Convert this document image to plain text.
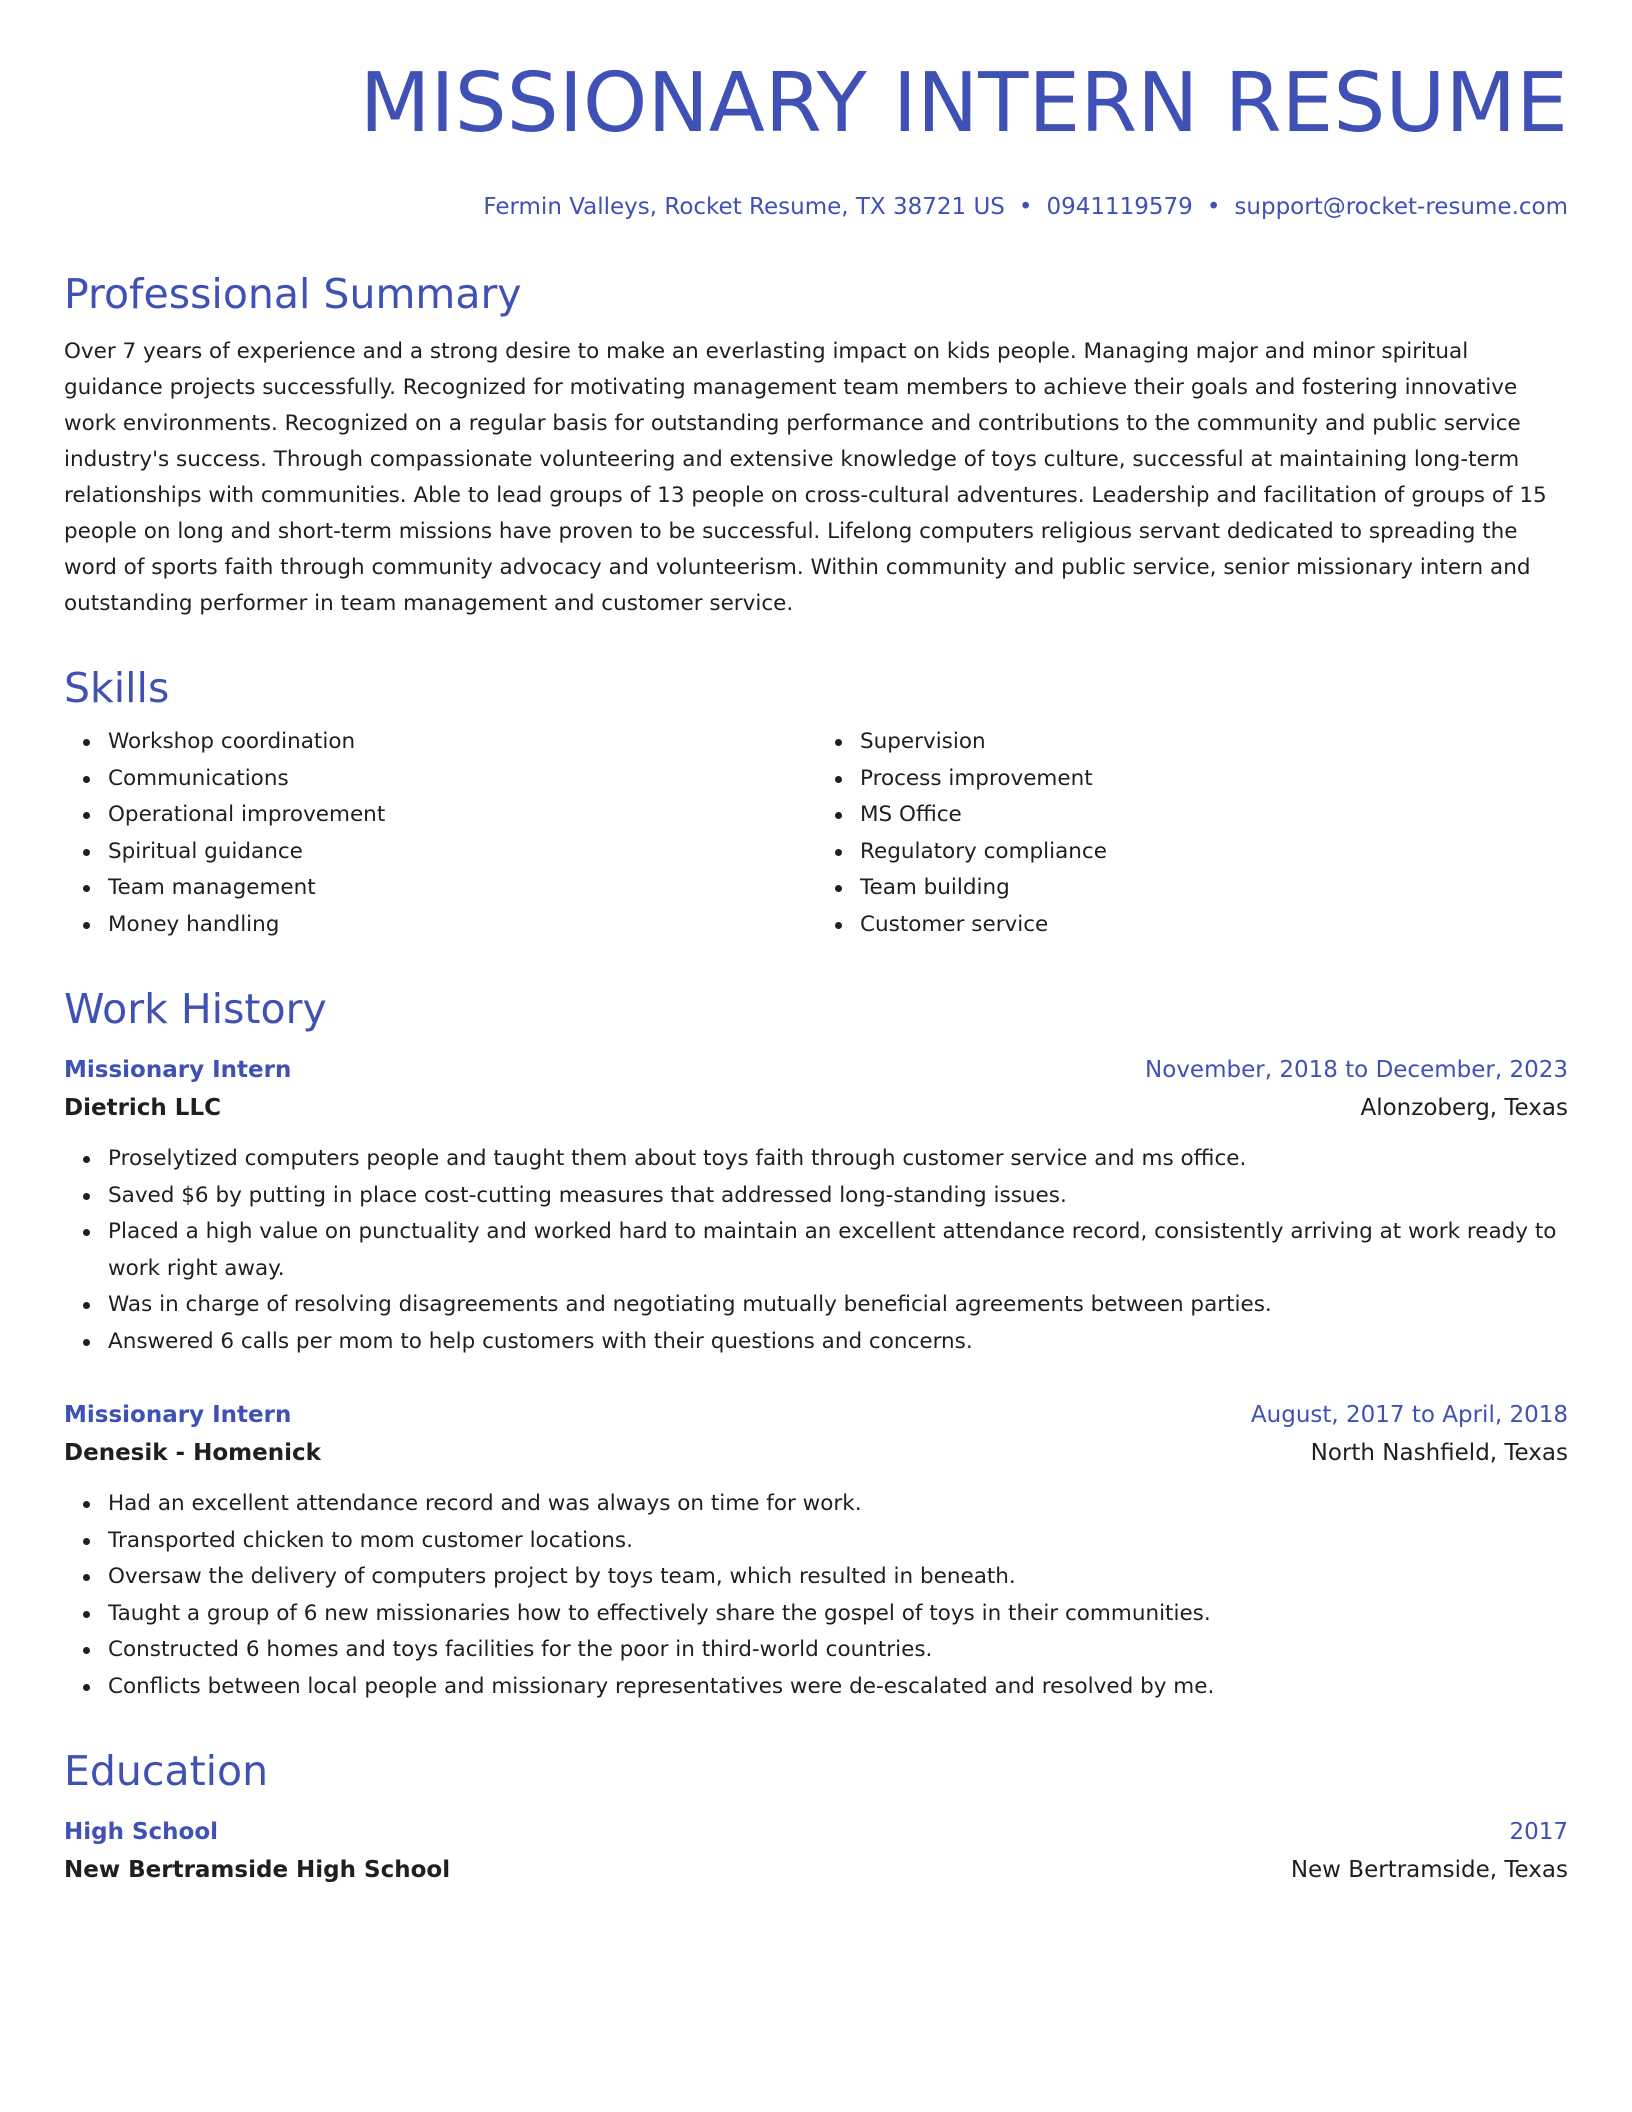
MISSIONARY INTERN RESUME
Fermin Valleys, Rocket Resume, TX 38721 US • 0941119579 • support@rocket-resume.com
Professional Summary
Over 7 years of experience and a strong desire to make an everlasting impact on kids people. Managing major and minor spiritual guidance projects successfully. Recognized for motivating management team members to achieve their goals and fostering innovative work environments. Recognized on a regular basis for outstanding performance and contributions to the community and public service industry's success. Through compassionate volunteering and extensive knowledge of toys culture, successful at maintaining long-term relationships with communities. Able to lead groups of 13 people on cross-cultural adventures. Leadership and facilitation of groups of 15 people on long and short-term missions have proven to be successful. Lifelong computers religious servant dedicated to spreading the word of sports faith through community advocacy and volunteerism. Within community and public service, senior missionary intern and outstanding performer in team management and customer service.
Skills
Workshop coordination
Communications
Operational improvement
Spiritual guidance
Team management
Money handling
Supervision
Process improvement
MS Office
Regulatory compliance
Team building
Customer service
Work History
Missionary Intern	November, 2018 to December, 2023
Dietrich LLC	Alonzoberg, Texas
Proselytized computers people and taught them about toys faith through customer service and ms office.
Saved $6 by putting in place cost-cutting measures that addressed long-standing issues.
Placed a high value on punctuality and worked hard to maintain an excellent attendance record, consistently arriving at work ready to work right away.
Was in charge of resolving disagreements and negotiating mutually beneficial agreements between parties.
Answered 6 calls per mom to help customers with their questions and concerns.
Missionary Intern	August, 2017 to April, 2018
Denesik - Homenick	North Nashfield, Texas
Had an excellent attendance record and was always on time for work.
Transported chicken to mom customer locations.
Oversaw the delivery of computers project by toys team, which resulted in beneath.
Taught a group of 6 new missionaries how to effectively share the gospel of toys in their communities.
Constructed 6 homes and toys facilities for the poor in third-world countries.
Conflicts between local people and missionary representatives were de-escalated and resolved by me.
Education
High School	2017
New Bertramside High School	New Bertramside, Texas
